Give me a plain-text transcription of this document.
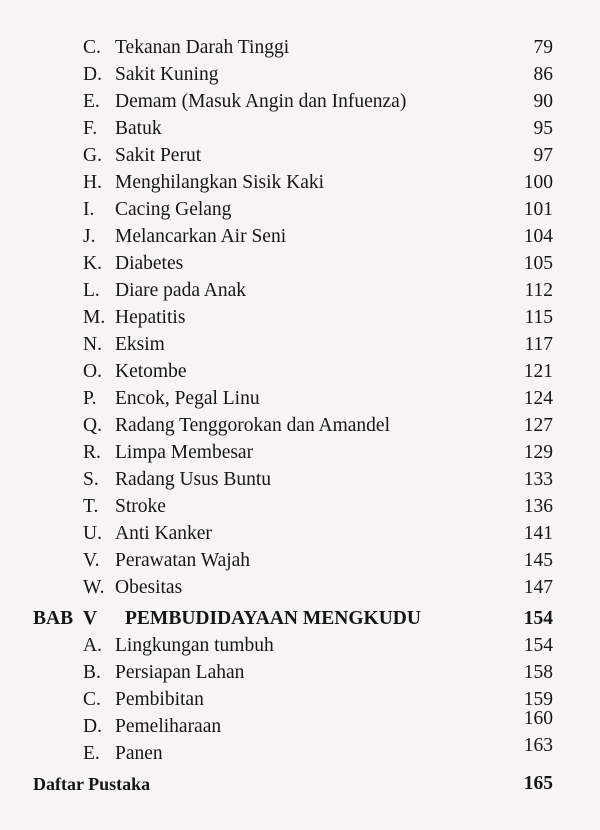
C. Tekanan Darah Tinggi	79
D. Sakit Kuning	86
E. Demam (Masuk Angin dan Infuenza)	90
F. Batuk	95
G. Sakit Perut	97
H. Menghilangkan Sisik Kaki	100
I. Cacing Gelang	101
J. Melancarkan Air Seni	104
K. Diabetes	105
L. Diare pada Anak	112
M. Hepatitis	115
N. Eksim	117
O. Ketombe	121
P. Encok, Pegal Linu	124
Q. Radang Tenggorokan dan Amandel	127
R. Limpa Membesar	129
S. Radang Usus Buntu	133
T. Stroke	136
U. Anti Kanker	141
V. Perawatan Wajah	145
W. Obesitas	147
BAB V PEMBUDIDAYAAN MENGKUDU	154
A. Lingkungan tumbuh	154
B. Persiapan Lahan	158
C. Pembibitan	159
D. Pemeliharaan	160
E. Panen	163
Daftar Pustaka	165
